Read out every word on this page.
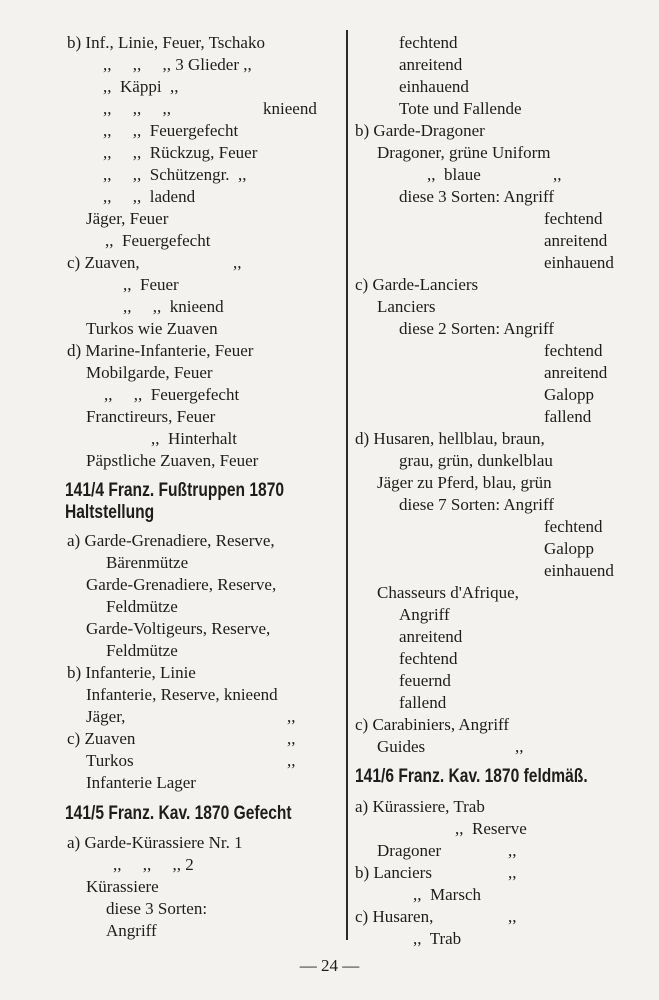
b) Inf., Linie, Feuer, Tschako
,,     ,,     ,, 3 Glieder ,,
,,  Käppi  ,,
,,     ,,     ,,	knieend
,,     ,,  Feuergefecht
,,     ,,  Rückzug, Feuer
,,     ,,  Schützengr.  ,,
,,     ,,  ladend
Jäger, Feuer
,,  Feuergefecht
c) Zuaven,	,,
,,  Feuer
,,     ,,  knieend
Turkos wie Zuaven
d) Marine-Infanterie, Feuer
Mobilgarde, Feuer
,,     ,,  Feuergefecht
Franctireurs, Feuer
,,  Hinterhalt
Päpstliche Zuaven, Feuer
141/4 Franz. Fußtruppen 1870
Haltstellung
a) Garde-Grenadiere, Reserve,
Bärenmütze
Garde-Grenadiere, Reserve,
Feldmütze
Garde-Voltigeurs, Reserve,
Feldmütze
b) Infanterie, Linie
Infanterie, Reserve, knieend
Jäger,	,,
c) Zuaven	,,
Turkos	,,
Infanterie Lager
141/5 Franz. Kav. 1870 Gefecht
a) Garde-Kürassiere Nr. 1
,,     ,,     ,, 2
Kürassiere
diese 3 Sorten:
Angriff
fechtend
anreitend
einhauend
Tote und Fallende
b) Garde-Dragoner
Dragoner, grüne Uniform
,,  blaue	,,
diese 3 Sorten: Angriff
fechtend
anreitend
einhauend
c) Garde-Lanciers
Lanciers
diese 2 Sorten: Angriff
fechtend
anreitend
Galopp
fallend
d) Husaren, hellblau, braun,
grau, grün, dunkelblau
Jäger zu Pferd, blau, grün
diese 7 Sorten: Angriff
fechtend
Galopp
einhauend
Chasseurs d'Afrique,
Angriff
anreitend
fechtend
feuernd
fallend
c) Carabiniers, Angriff
Guides	,,
141/6 Franz. Kav. 1870 feldmäß.
a) Kürassiere, Trab
,,  Reserve
Dragoner	,,
b) Lanciers	,,
,,  Marsch
c) Husaren,	,,
,,  Trab
— 24 —
